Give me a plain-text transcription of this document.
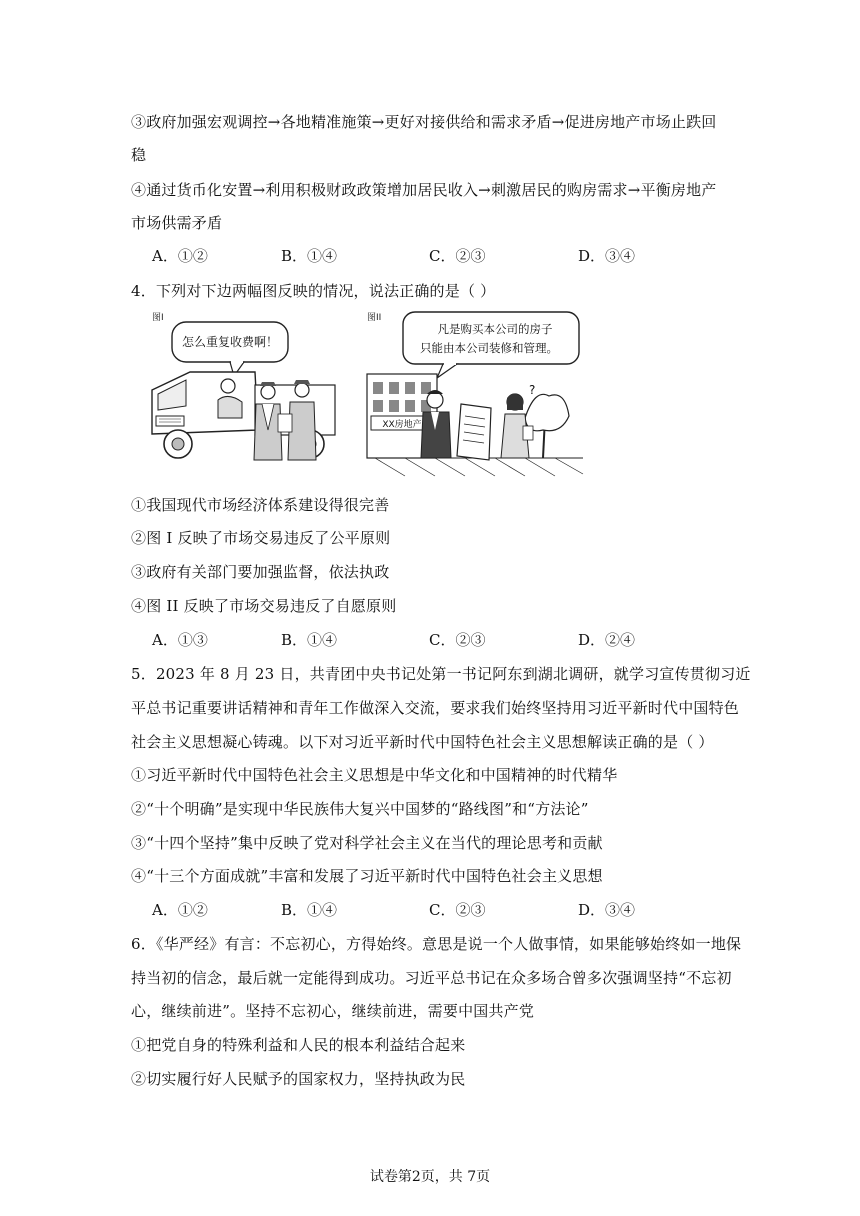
③政府加强宏观调控→各地精准施策→更好对接供给和需求矛盾→促进房地产市场止跌回
稳
④通过货币化安置→利用积极财政政策增加居民收入→刺激居民的购房需求→平衡房地产
市场供需矛盾
A．①②	B．①④	C．②③	D．③④
4．下列对下边两幅图反映的情况，说法正确的是（ ）
图I
怎么重复收费啊！
图II
凡是购买本公司的房子
只能由本公司装修和管理。
XX房地产
?
①我国现代市场经济体系建设得很完善
②图 I 反映了市场交易违反了公平原则
③政府有关部门要加强监督，依法执政
④图 II 反映了市场交易违反了自愿原则
A．①③	B．①④	C．②③	D．②④
5．2023 年 8 月 23 日，共青团中央书记处第一书记阿东到湖北调研，就学习宣传贯彻习近
平总书记重要讲话精神和青年工作做深入交流，要求我们始终坚持用习近平新时代中国特色
社会主义思想凝心铸魂。以下对习近平新时代中国特色社会主义思想解读正确的是（ ）
①习近平新时代中国特色社会主义思想是中华文化和中国精神的时代精华
②“十个明确”是实现中华民族伟大复兴中国梦的“路线图”和“方法论”
③“十四个坚持”集中反映了党对科学社会主义在当代的理论思考和贡献
④“十三个方面成就”丰富和发展了习近平新时代中国特色社会主义思想
A．①②	B．①④	C．②③	D．③④
6．《华严经》有言：不忘初心，方得始终。意思是说一个人做事情，如果能够始终如一地保
持当初的信念，最后就一定能得到成功。习近平总书记在众多场合曾多次强调坚持“不忘初
心，继续前进”。坚持不忘初心，继续前进，需要中国共产党
①把党自身的特殊利益和人民的根本利益结合起来
②切实履行好人民赋予的国家权力，坚持执政为民
试卷第2页，共 7页
